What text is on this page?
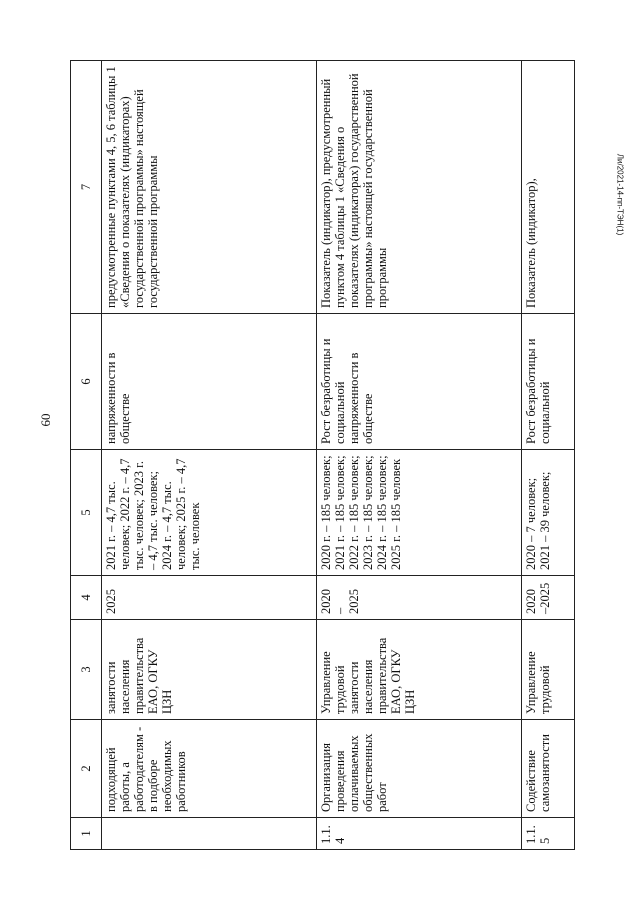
60
Ли/2021-14-пп-ТЭН(1)
1	2	3	4	5	6	7
	подходящей работы, а работодателям - в подборе необходимых работников	занятости населения правительства ЕАО, ОГКУ ЦЗН	2025	2021 г. – 4,7 тыс. человек; 2022 г. – 4,7 тыс. человек; 2023 г. – 4,7 тыс. человек; 2024 г. – 4,7 тыс. человек; 2025 г. – 4,7 тыс. человек	напряженности в обществе	предусмотренные пунктами 4, 5, 6 таблицы 1 «Сведения о показателях (индикаторах) государственной программы» настоящей государственной программы
1.1.4	Организация проведения оплачиваемых общественных работ	Управление трудовой занятости населения правительства ЕАО, ОГКУ ЦЗН	2020 – 2025	2020 г. – 185 человек; 2021 г. – 185 человек; 2022 г. – 185 человек; 2023 г. – 185 человек; 2024 г. – 185 человек; 2025 г. – 185 человек	Рост безработицы и социальной напряженности в обществе	Показатель (индикатор), предусмотренный пунктом 4 таблицы 1 «Сведения о показателях (индикаторах) государственной программы» настоящей государственной программы
1.1.5	Содействие самозанятости	Управление трудовой	2020 –2025	2020 – 7 человек; 2021 – 39 человек;	Рост безработицы и социальной	Показатель (индикатор),
